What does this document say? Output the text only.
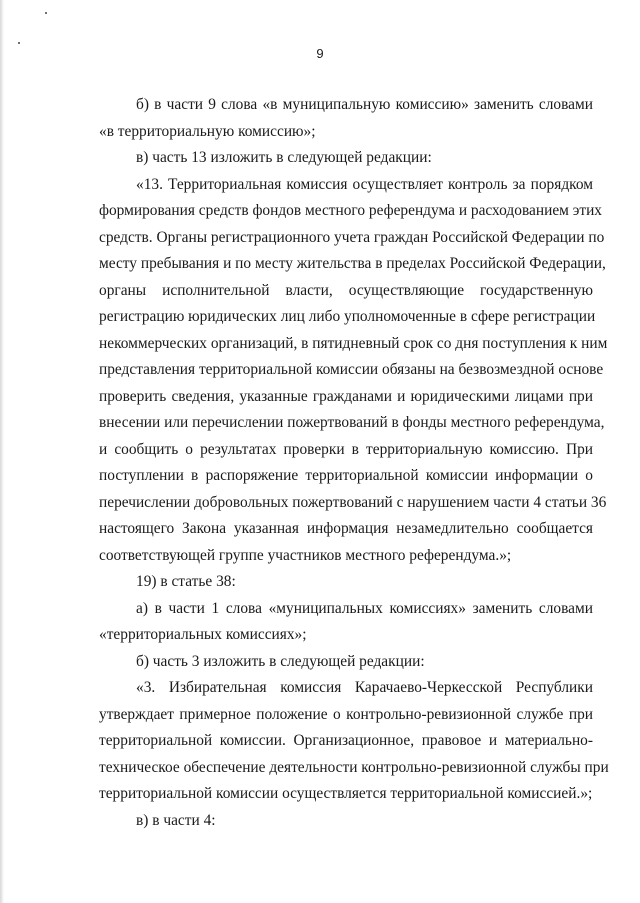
9
б) в части 9 слова «в муниципальную комиссию» заменить словами
«в территориальную комиссию»;
в) часть 13 изложить в следующей редакции:
«13. Территориальная комиссия осуществляет контроль за порядком
формирования средств фондов местного референдума и расходованием этих
средств. Органы регистрационного учета граждан Российской Федерации по
месту пребывания и по месту жительства в пределах Российской Федерации,
органы исполнительной власти, осуществляющие государственную
регистрацию юридических лиц либо уполномоченные в сфере регистрации
некоммерческих организаций, в пятидневный срок со дня поступления к ним
представления территориальной комиссии обязаны на безвозмездной основе
проверить сведения, указанные гражданами и юридическими лицами при
внесении или перечислении пожертвований в фонды местного референдума,
и сообщить о результатах проверки в территориальную комиссию. При
поступлении в распоряжение территориальной комиссии информации о
перечислении добровольных пожертвований с нарушением части 4 статьи 36
настоящего Закона указанная информация незамедлительно сообщается
соответствующей группе участников местного референдума.»;
19) в статье 38:
а) в части 1 слова «муниципальных комиссиях» заменить словами
«территориальных комиссиях»;
б) часть 3 изложить в следующей редакции:
«3. Избирательная комиссия Карачаево-Черкесской Республики
утверждает примерное положение о контрольно-ревизионной службе при
территориальной комиссии. Организационное, правовое и материально-
техническое обеспечение деятельности контрольно-ревизионной службы при
территориальной комиссии осуществляется территориальной комиссией.»;
в) в части 4:
